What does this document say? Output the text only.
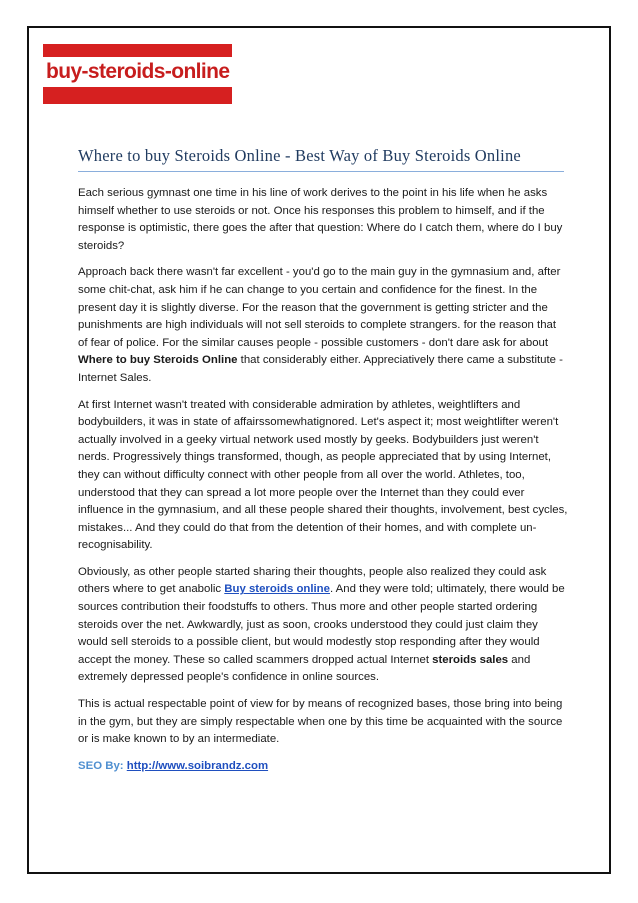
buy-steroids-online
Where to buy Steroids Online - Best Way of Buy Steroids Online

Each serious gymnast one time in his line of work derives to the point in his life when he asks himself whether to use steroids or not. Once his responses this problem to himself, and if the response is optimistic, there goes the after that question: Where do I catch them, where do I buy steroids?

Approach back there wasn't far excellent - you'd go to the main guy in the gymnasium and, after some chit-chat, ask him if he can change to you certain and confidence for the finest. In the present day it is slightly diverse. For the reason that the government is getting stricter and the punishments are high individuals will not sell steroids to complete strangers. for the reason that of fear of police. For the similar causes people - possible customers - don't dare ask for about Where to buy Steroids Online that considerably either. Appreciatively there came a substitute - Internet Sales.

At first Internet wasn't treated with considerable admiration by athletes, weightlifters and bodybuilders, it was in state of affairssomewhatignored. Let's aspect it; most weightlifter weren't actually involved in a geeky virtual network used mostly by geeks. Bodybuilders just weren't nerds. Progressively things transformed, though, as people appreciated that by using Internet, they can without difficulty connect with other people from all over the world. Athletes, too, understood that they can spread a lot more people over the Internet than they could ever influence in the gymnasium, and all these people shared their thoughts, involvement, best cycles, mistakes... And they could do that from the detention of their homes, and with complete un-recognisability.

Obviously, as other people started sharing their thoughts, people also realized they could ask others where to get anabolic Buy steroids online. And they were told; ultimately, there would be sources contribution their foodstuffs to others. Thus more and other people started ordering steroids over the net. Awkwardly, just as soon, crooks understood they could just claim they would sell steroids to a possible client, but would modestly stop responding after they would accept the money. These so called scammers dropped actual Internet steroids sales and extremely depressed people's confidence in online sources.

This is actual respectable point of view for by means of recognized bases, those bring into being in the gym, but they are simply respectable when one by this time be acquainted with the source or is make known to by an intermediate.

SEO By: http://www.soibrandz.com
